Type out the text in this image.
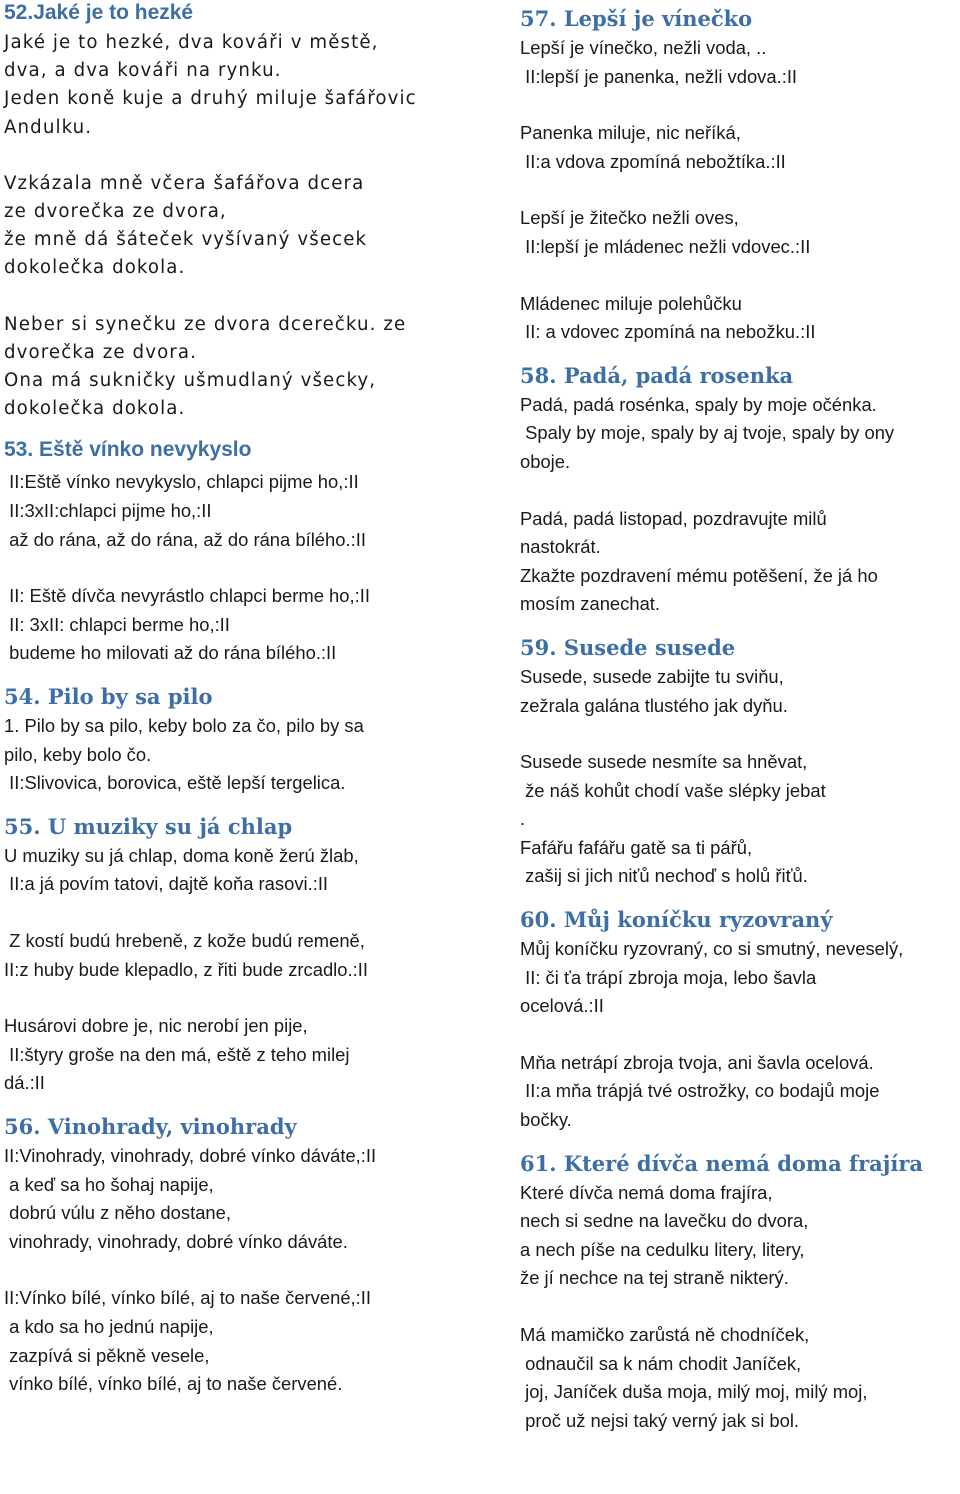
52.Jaké je to hezké
Jaké je to hezké, dva kováři v městě,
dva, a dva kováři na rynku.
Jeden koně kuje a druhý miluje šafářovic
Andulku.
Vzkázala mně včera šafářova dcera
ze dvorečka ze dvora,
že mně dá šáteček vyšívaný všecek
dokolečka dokola.
Neber si synečku ze dvora dcerečku. ze
dvorečka ze dvora.
Ona má sukničky ušmudlaný všecky,
dokolečka dokola.
53. Eště vínko nevykyslo
II:Eště vínko nevykyslo, chlapci pijme ho,:II
II:3xII:chlapci pijme ho,:II
až do rána, až do rána, až do rána bílého.:II
II: Eště dívča nevyrástlo chlapci berme ho,:II
II: 3xII: chlapci berme ho,:II
budeme ho milovati až do rána bílého.:II
54. Pilo by sa pilo
1. Pilo by sa pilo, keby bolo za čo, pilo by sa
pilo, keby bolo čo.
II:Slivovica, borovica, eště lepší tergelica.
55. U muziky su já chlap
U muziky su já chlap, doma koně žerú žlab,
II:a já povím tatovi, dajtě koňa rasovi.:II
Z kostí budú hrebeně, z kože budú remeně,
II:z huby bude klepadlo, z řiti bude zrcadlo.:II
Husárovi dobre je, nic nerobí jen pije,
II:štyry groše na den má, eště z teho milej
dá.:II
56. Vinohrady, vinohrady
II:Vinohrady, vinohrady, dobré vínko dáváte,:II
a keď sa ho šohaj napije,
dobrú vúlu z něho dostane,
vinohrady, vinohrady, dobré vínko dáváte.
II:Vínko bílé, vínko bílé, aj to naše červené,:II
a kdo sa ho jednú napije,
zazpívá si pěkně vesele,
vínko bílé, vínko bílé, aj to naše červené.
57. Lepší je vínečko
Lepší je vínečko, nežli voda, ..
II:lepší je panenka, nežli vdova.:II
Panenka miluje, nic neříká,
II:a vdova zpomíná nebožtíka.:II
Lepší je žitečko nežli oves,
II:lepší je mládenec nežli vdovec.:II
Mládenec miluje polehůčku
II: a vdovec zpomíná na nebožku.:II
58. Padá, padá rosenka
Padá, padá rosénka, spaly by moje očénka.
Spaly by moje, spaly by aj tvoje, spaly by ony
oboje.
Padá, padá listopad, pozdravujte milů
nastokrát.
Zkažte pozdravení mému potěšení, že já ho
mosím zanechat.
59. Susede susede
Susede, susede zabijte tu sviňu,
zežrala galána tlustého jak dyňu.
Susede susede nesmíte sa hněvat,
že náš kohůt chodí vaše slépky jebat
.
Fafářu fafářu gatě sa ti pářů,
zašij si jich niťů nechoď s holů řiťů.
60. Můj koníčku ryzovraný
Můj koníčku ryzovraný, co si smutný, neveselý,
II: či ťa trápí zbroja moja, lebo šavla
ocelová.:II
Mňa netrápí zbroja tvoja, ani šavla ocelová.
II:a mňa trápjá tvé ostrožky, co bodajů moje
bočky.
61. Které dívča nemá doma frajíra
Které dívča nemá doma frajíra,
nech si sedne na lavečku do dvora,
a nech píše na cedulku litery, litery,
že jí nechce na tej straně nikterý.
Má mamičko zarůstá ně chodníček,
odnaučil sa k nám chodit Janíček,
joj, Janíček duša moja, milý moj, milý moj,
proč už nejsi taký verný jak si bol.
